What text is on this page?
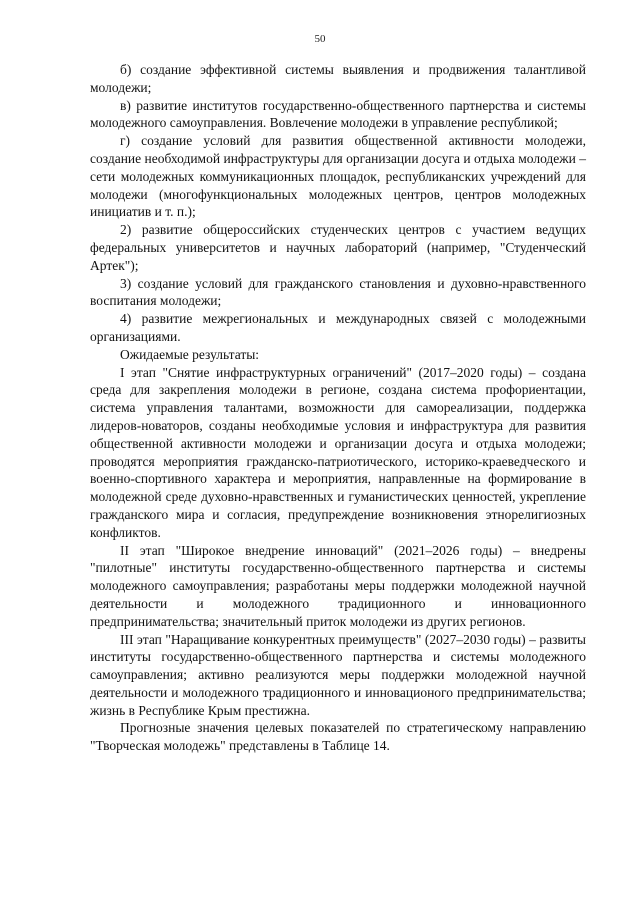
50

б) создание эффективной системы выявления и продвижения талантливой молодежи;

в) развитие институтов государственно-общественного партнерства и системы молодежного самоуправления. Вовлечение молодежи в управление республикой;

г) создание условий для развития общественной активности молодежи, создание необходимой инфраструктуры для организации досуга и отдыха молодежи – сети молодежных коммуникационных площадок, республиканских учреждений для молодежи (многофункциональных молодежных центров, центров молодежных инициатив и т. п.);

2) развитие общероссийских студенческих центров с участием ведущих федеральных университетов и научных лабораторий (например, "Студенческий Артек");

3) создание условий для гражданского становления и духовно-нравственного воспитания молодежи;

4) развитие межрегиональных и международных связей с молодежными организациями.

Ожидаемые результаты:

I этап "Снятие инфраструктурных ограничений" (2017–2020 годы) – создана среда для закрепления молодежи в регионе, создана система профориентации, система управления талантами, возможности для самореализации, поддержка лидеров-новаторов, созданы необходимые условия и инфраструктура для развития общественной активности молодежи и организации досуга и отдыха молодежи; проводятся мероприятия гражданско-патриотического, историко-краеведческого и военно-спортивного характера и мероприятия, направленные на формирование в молодежной среде духовно-нравственных и гуманистических ценностей, укрепление гражданского мира и согласия, предупреждение возникновения этнорелигиозных конфликтов.

II этап "Широкое внедрение инноваций" (2021–2026 годы) – внедрены "пилотные" институты государственно-общественного партнерства и системы молодежного самоуправления; разработаны меры поддержки молодежной научной деятельности и молодежного традиционного и инновационного предпринимательства; значительный приток молодежи из других регионов.

III этап "Наращивание конкурентных преимуществ" (2027–2030 годы) – развиты институты государственно-общественного партнерства и системы молодежного самоуправления; активно реализуются меры поддержки молодежной научной деятельности и молодежного традиционного и инновационого предпринимательства; жизнь в Республике Крым престижна.

Прогнозные значения целевых показателей по стратегическому направлению "Творческая молодежь" представлены в Таблице 14.
